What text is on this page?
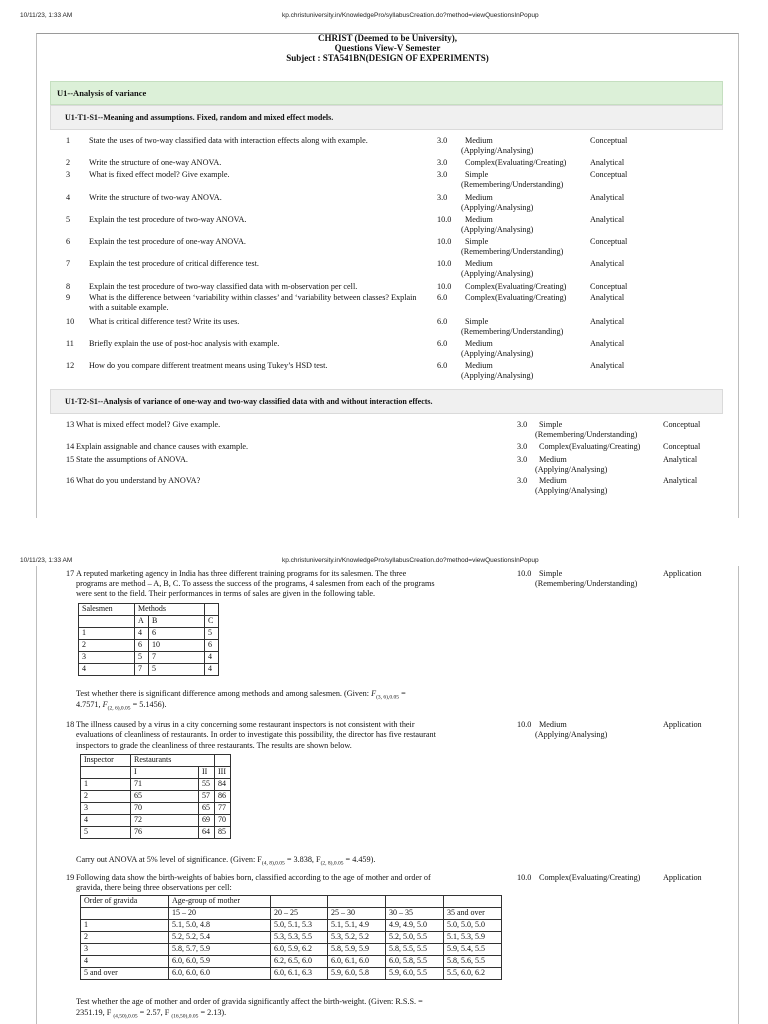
10/11/23, 1:33 AM	kp.christuniversity.in/KnowledgePro/syllabusCreation.do?method=viewQuestionsInPopup
CHRIST (Deemed to be University),
Questions View-V Semester
Subject : STA541BN(DESIGN OF EXPERIMENTS)
U1--Analysis of variance
U1-T1-S1--Meaning and assumptions. Fixed, random and mixed effect models.
1 State the uses of two-way classified data with interaction effects along with example.	3.0 Medium	Conceptual
(Applying/Analysing)
2 Write the structure of one-way ANOVA.	3.0 Complex(Evaluating/Creating)	Analytical
3 What is fixed effect model? Give example.	3.0 Simple	Conceptual
(Remembering/Understanding)
4 Write the structure of two-way ANOVA.	3.0 Medium	Analytical
(Applying/Analysing)
5 Explain the test procedure of two-way ANOVA.	10.0 Medium	Analytical
(Applying/Analysing)
6 Explain the test procedure of one-way ANOVA.	10.0 Simple	Conceptual
(Remembering/Understanding)
7 Explain the test procedure of critical difference test.	10.0 Medium	Analytical
(Applying/Analysing)
8 Explain the test procedure of two-way classified data with m-observation per cell.	10.0 Complex(Evaluating/Creating)	Conceptual
9 What is the difference between ‘variability within classes’ and ‘variability between classes? Explain with a suitable example.
6.0 Complex(Evaluating/Creating)	Analytical
10 What is critical difference test? Write its uses.	6.0 Simple	Analytical
(Remembering/Understanding)
11 Briefly explain the use of post-hoc analysis with example.	6.0 Medium	Analytical
(Applying/Analysing)
12 How do you compare different treatment means using Tukey’s HSD test.	6.0 Medium	Analytical
(Applying/Analysing)
U1-T2-S1--Analysis of variance of one-way and two-way classified data with and without interaction effects.
13 What is mixed effect model? Give example.	3.0 Simple	Conceptual
(Remembering/Understanding)
14 Explain assignable and chance causes with example.	3.0 Complex(Evaluating/Creating)	Conceptual
15 State the assumptions of ANOVA.	3.0 Medium	Analytical
(Applying/Analysing)
16 What do you understand by ANOVA?	3.0 Medium	Analytical
(Applying/Analysing)
10/11/23, 1:33 AM	kp.christuniversity.in/KnowledgePro/syllabusCreation.do?method=viewQuestionsInPopup
17 A reputed marketing agency in India has three different training programs for its salesmen. The three
programs are method – A, B, C. To assess the success of the programs, 4 salesmen from each of the programs
were sent to the field. Their performances in terms of sales are given in the following table.
10.0 Simple
(Remembering/Understanding)
Application
Salesmen	Methods		
	A	B	C
1	4	6	5
2	6	10	6
3	5	7	4
4	7	5	4
Test whether there is significant difference among methods and among salesmen. (Given: $F_{(3, 6),0.05}$ =
4.7571, $F_{(2, 6),0.05} = 5.1456$).
18 The illness caused by a virus in a city concerning some restaurant inspectors is not consistent with their
evaluations of cleanliness of restaurants. In order to investigate this possibility, the director has five restaurant
inspectors to grade the cleanliness of three restaurants. The results are shown below.
10.0 Medium
(Applying/Analysing)
Application
Inspector	Restaurants		
	I	II	III
1	71	55	84
2	65	57	86
3	70	65	77
4	72	69	70
5	76	64	85
Carry out ANOVA at 5% level of significance. (Given: $F_{(4, 8),0.05} = 3.838$, $F_{(2, 8),0.05} = 4.459$).
19 Following data show the birth-weights of babies born, classified according to the age of mother and order of
gravida, there being three observations per cell:
10.0 Complex(Evaluating/Creating)	Application
Order of gravida	Age-group of mother				
	15 – 20	20 – 25	25 – 30	30 – 35	35 and over
1	5.1, 5.0, 4.8	5.0, 5.1, 5.3	5.1, 5.1, 4.9	4.9, 4.9, 5.0	5.0, 5.0, 5.0
2	5.2, 5.2, 5.4	5.3, 5.3, 5.5	5.3, 5.2, 5.2	5.2, 5.0, 5.5	5.1, 5.3, 5.9
3	5.8, 5.7, 5.9	6.0, 5.9, 6.2	5.8, 5.9, 5.9	5.8, 5.5, 5.5	5.9, 5.4, 5.5
4	6.0, 6.0, 5.9	6.2, 6.5, 6.0	6.0, 6.1, 6.0	6.0, 5.8, 5.5	5.8, 5.6, 5.5
5 and over	6.0, 6.0, 6.0	6.0, 6.1, 6.3	5.9, 6.0, 5.8	5.9, 6.0, 5.5	5.5, 6.0, 6.2
Test whether the age of mother and order of gravida significantly affect the birth-weight. (Given: R.S.S. =
2351.19, F $_{(4,50),0.05}$ = 2.57, F $_{(16,50),0.05}$ = 2.13).
